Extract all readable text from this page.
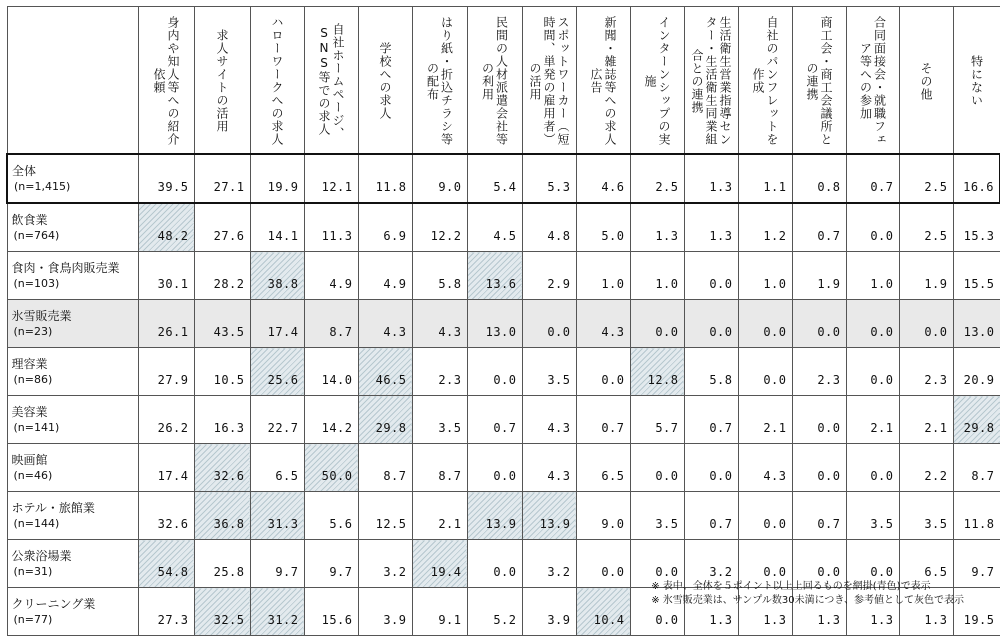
	身内や知人等への紹介依頼	求人サイトの活用	ハローワークへの求人	自社ホームページ、SNS等での求人	学校への求人	はり紙・折込チラシ等の配布	民間の人材派遣会社等の利用	スポットワーカー（短時間、単発の雇用者）の活用	新聞・雑誌等への求人広告	インターンシップの実施	生活衛生営業指導センター・生活衛生同業組合との連携	自社のパンフレットを作成	商工会・商工会議所との連携	合同面接会・就職フェア等への参加	その他	特にない

全体
(n=1,415)	39.5	27.1	19.9	12.1	11.8	9.0	5.4	5.3	4.6	2.5	1.3	1.1	0.8	0.7	2.5	16.6
飲食業
(n=764)	48.2	27.6	14.1	11.3	6.9	12.2	4.5	4.8	5.0	1.3	1.3	1.2	0.7	0.0	2.5	15.3
食肉・食鳥肉販売業
(n=103)	30.1	28.2	38.8	4.9	4.9	5.8	13.6	2.9	1.0	1.0	0.0	1.0	1.9	1.0	1.9	15.5
氷雪販売業
(n=23)	26.1	43.5	17.4	8.7	4.3	4.3	13.0	0.0	4.3	0.0	0.0	0.0	0.0	0.0	0.0	13.0
理容業
(n=86)	27.9	10.5	25.6	14.0	46.5	2.3	0.0	3.5	0.0	12.8	5.8	0.0	2.3	0.0	2.3	20.9
美容業
(n=141)	26.2	16.3	22.7	14.2	29.8	3.5	0.7	4.3	0.7	5.7	0.7	2.1	0.0	2.1	2.1	29.8
映画館
(n=46)	17.4	32.6	6.5	50.0	8.7	8.7	0.0	4.3	6.5	0.0	0.0	4.3	0.0	0.0	2.2	8.7
ホテル・旅館業
(n=144)	32.6	36.8	31.3	5.6	12.5	2.1	13.9	13.9	9.0	3.5	0.7	0.0	0.7	3.5	3.5	11.8
公衆浴場業
(n=31)	54.8	25.8	9.7	9.7	3.2	19.4	0.0	3.2	0.0	0.0	3.2	0.0	0.0	0.0	6.5	9.7
クリーニング業
(n=77)	27.3	32.5	31.2	15.6	3.9	9.1	5.2	3.9	10.4	0.0	1.3	1.3	1.3	1.3	1.3	19.5
※ 表中、全体を５ポイント以上上回るものを網掛(青色)で表示
※ 氷雪販売業は、サンプル数30未満につき、参考値として灰色で表示
